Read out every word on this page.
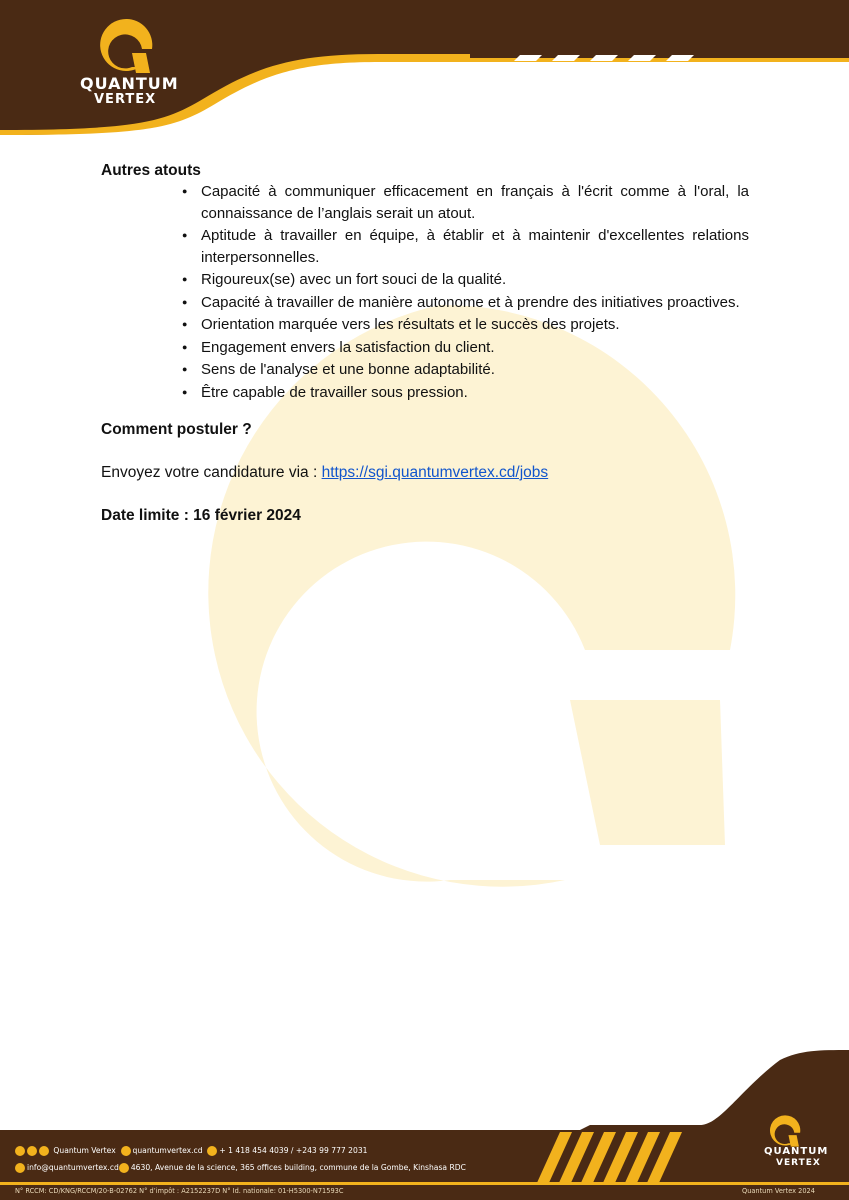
QUANTUM
VERTEX
Autres atouts
● Capacité à communiquer efficacement en français à l'écrit comme à l'oral, la connaissance de l’anglais serait un atout.
● Aptitude à travailler en équipe, à établir et à maintenir d'excellentes relations interpersonnelles.
● Rigoureux(se) avec un fort souci de la qualité.
● Capacité à travailler de manière autonome et à prendre des initiatives proactives.
● Orientation marquée vers les résultats et le succès des projets.
● Engagement envers la satisfaction du client.
● Sens de l'analyse et une bonne adaptabilité.
● Être capable de travailler sous pression.
Comment postuler ?
Envoyez votre candidature via : https://sgi.quantumvertex.cd/jobs
Date limite : 16 février 2024
QUANTUM
VERTEX
Quantum Vertex quantumvertex.cd + 1 418 454 4039 / +243 99 777 2031
info@quantumvertex.cd 4630, Avenue de la science, 365 offices building, commune de la Gombe, Kinshasa RDC
N° RCCM: CD/KNG/RCCM/20-B-02762 N° d’impôt : A2152237D N° Id. nationale: 01-H5300-N71593C	Quantum Vertex 2024
